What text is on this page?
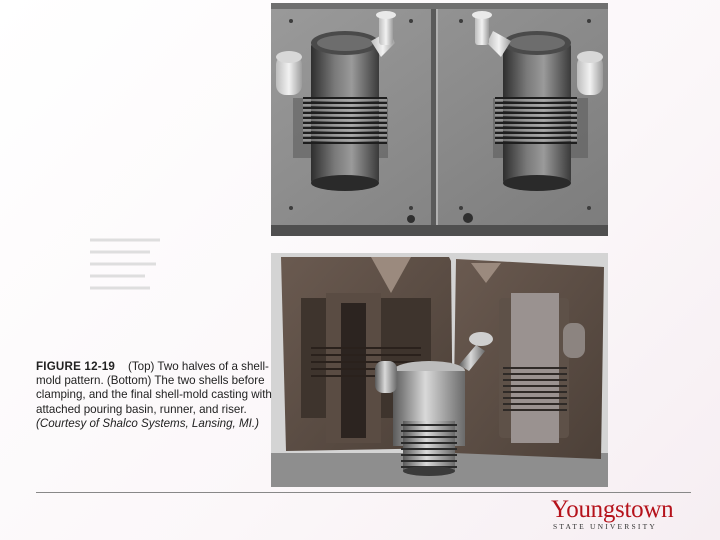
FIGURE 12-19 (Top) Two halves of a shell-mold pattern. (Bottom) The two shells before clamping, and the final shell-mold casting with attached pouring basin, runner, and riser.
(Courtesy of Shalco Systems, Lansing, MI.)
Youngstown
STATE UNIVERSITY
